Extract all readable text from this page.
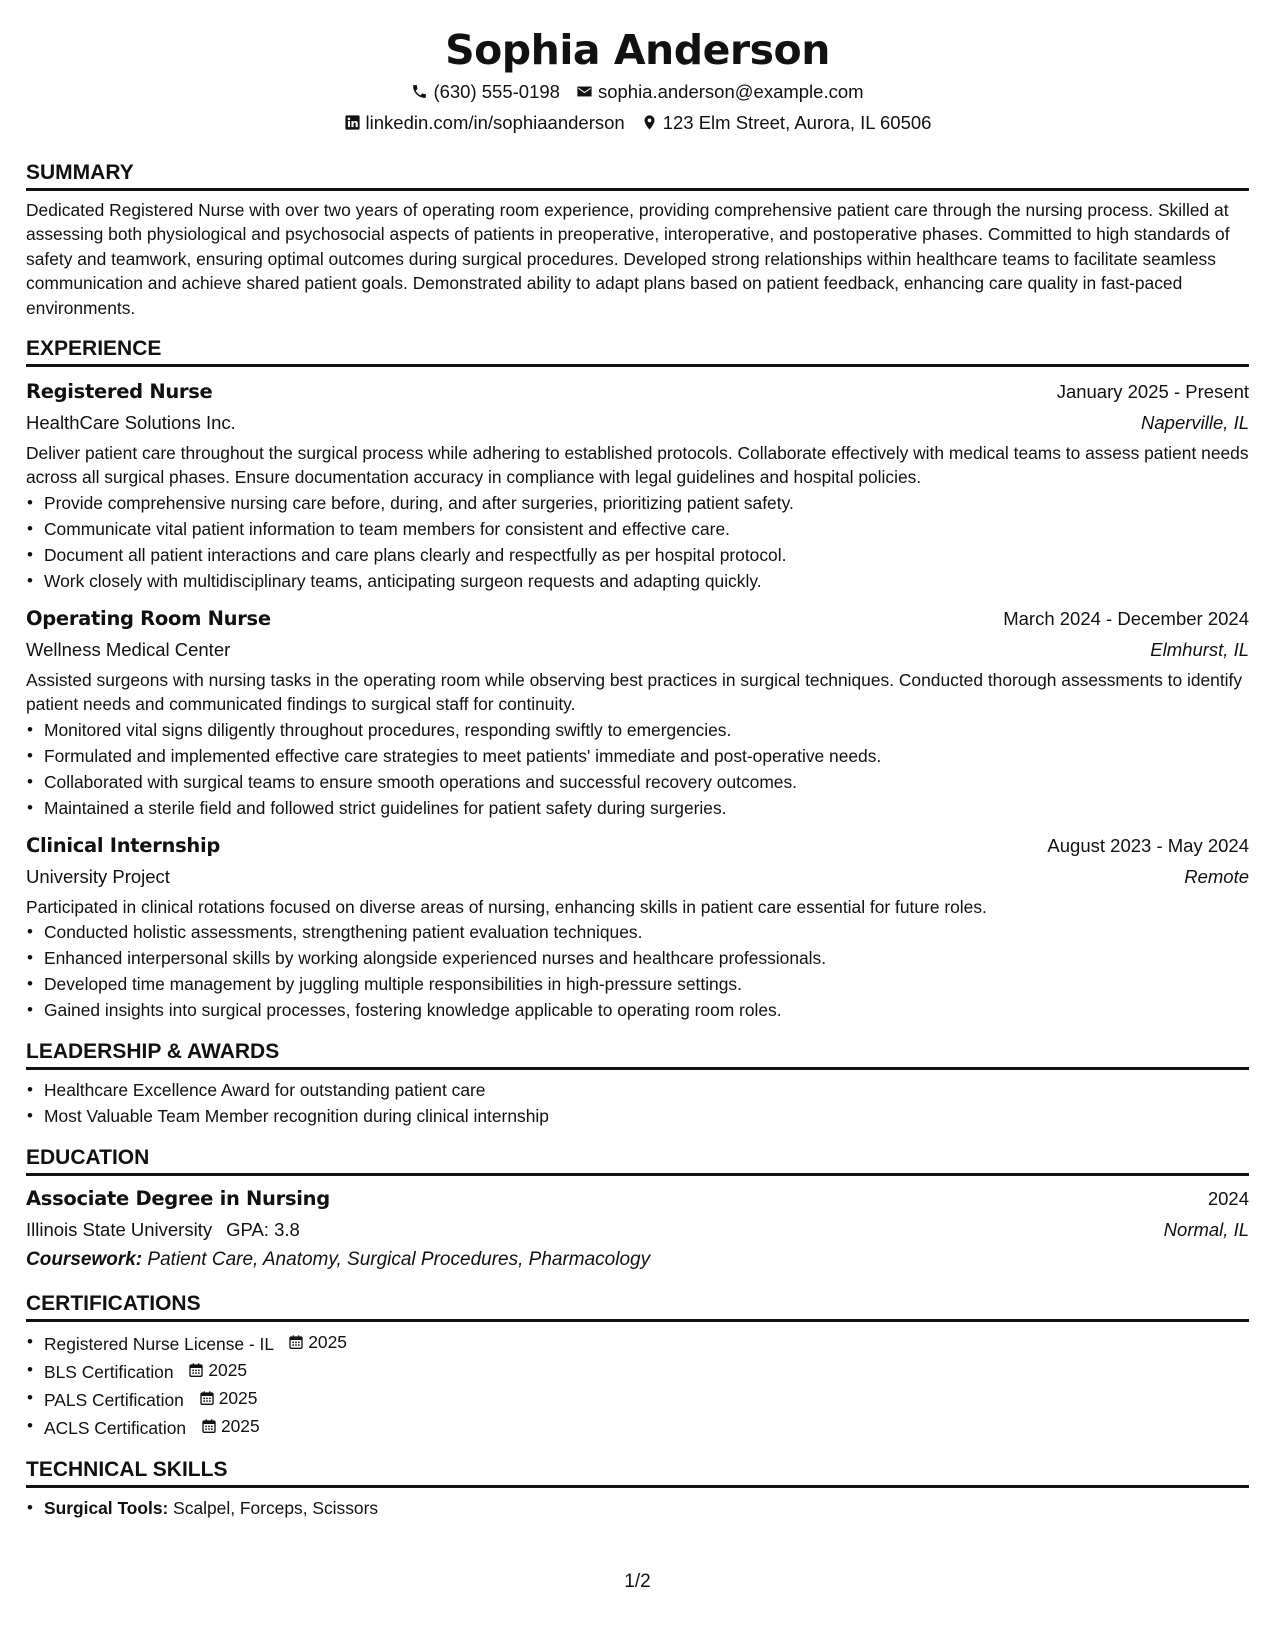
Sophia Anderson
(630) 555-0198 sophia.anderson@example.com
linkedin.com/in/sophiaanderson 123 Elm Street, Aurora, IL 60506
SUMMARY

Dedicated Registered Nurse with over two years of operating room experience, providing comprehensive patient care through the nursing process. Skilled at assessing both physiological and psychosocial aspects of patients in preoperative, interoperative, and postoperative phases. Committed to high standards of safety and teamwork, ensuring optimal outcomes during surgical procedures. Developed strong relationships within healthcare teams to facilitate seamless communication and achieve shared patient goals. Demonstrated ability to adapt plans based on patient feedback, enhancing care quality in fast-paced environments.

EXPERIENCE
Registered Nurse	January 2025 - Present
HealthCare Solutions Inc.	Naperville, IL

Deliver patient care throughout the surgical process while adhering to established protocols. Collaborate effectively with medical teams to assess patient needs across all surgical phases. Ensure documentation accuracy in compliance with legal guidelines and hospital policies.

• Provide comprehensive nursing care before, during, and after surgeries, prioritizing patient safety.
• Communicate vital patient information to team members for consistent and effective care.
• Document all patient interactions and care plans clearly and respectfully as per hospital protocol.
• Work closely with multidisciplinary teams, anticipating surgeon requests and adapting quickly.
Operating Room Nurse	March 2024 - December 2024
Wellness Medical Center	Elmhurst, IL

Assisted surgeons with nursing tasks in the operating room while observing best practices in surgical techniques. Conducted thorough assessments to identify patient needs and communicated findings to surgical staff for continuity.

• Monitored vital signs diligently throughout procedures, responding swiftly to emergencies.
• Formulated and implemented effective care strategies to meet patients' immediate and post-operative needs.
• Collaborated with surgical teams to ensure smooth operations and successful recovery outcomes.
• Maintained a sterile field and followed strict guidelines for patient safety during surgeries.
Clinical Internship	August 2023 - May 2024
University Project	Remote

Participated in clinical rotations focused on diverse areas of nursing, enhancing skills in patient care essential for future roles.

• Conducted holistic assessments, strengthening patient evaluation techniques.
• Enhanced interpersonal skills by working alongside experienced nurses and healthcare professionals.
• Developed time management by juggling multiple responsibilities in high-pressure settings.
• Gained insights into surgical processes, fostering knowledge applicable to operating room roles.
LEADERSHIP & AWARDS
• Healthcare Excellence Award for outstanding patient care
• Most Valuable Team Member recognition during clinical internship
EDUCATION
Associate Degree in Nursing	2024
Illinois State University GPA: 3.8	Normal, IL
Coursework: Patient Care, Anatomy, Surgical Procedures, Pharmacology
CERTIFICATIONS
• Registered Nurse License - IL 2025
• BLS Certification 2025
• PALS Certification 2025
• ACLS Certification 2025
TECHNICAL SKILLS
• Surgical Tools: Scalpel, Forceps, Scissors
1/2
